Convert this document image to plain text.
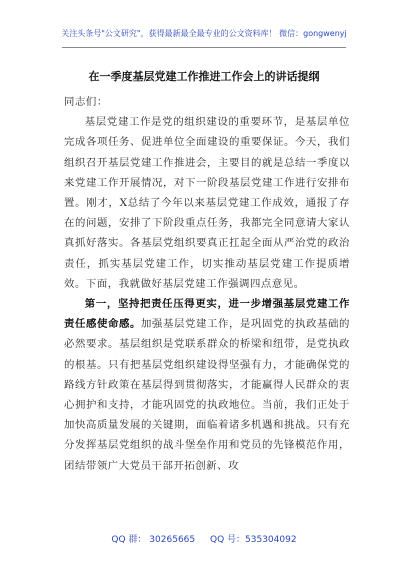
关注头条号"公文研究"，获得最新最全最专业的公文资料库！ 微信：gongwenyj
在一季度基层党建工作推进工作会上的讲话提纲

同志们：

基层党建工作是党的组织建设的重要环节，是基层单位完成各项任务、促进单位全面建设的重要保证。今天，我们组织召开基层党建工作推进会，主要目的就是总结一季度以来党建工作开展情况，对下一阶段基层党建工作进行安排布置。刚才，X总结了今年以来基层党建工作成效，通报了存在的问题，安排了下阶段重点任务，我都完全同意请大家认真抓好落实。各基层党组织要真正扛起全面从严治党的政治责任，抓实基层党建工作，切实推动基层党建工作提质增效。下面，我就做好基层党建工作强调四点意见。

第一，坚持把责任压得更实，进一步增强基层党建工作责任感使命感。加强基层党建工作，是巩固党的执政基础的必然要求。基层组织是党联系群众的桥梁和纽带，是党执政的根基。只有把基层党组织建设得坚强有力，才能确保党的路线方针政策在基层得到贯彻落实，才能赢得人民群众的衷心拥护和支持，才能巩固党的执政地位。当前，我们正处于加快高质量发展的关键期，面临着诸多机遇和挑战。只有充分发挥基层党组织的战斗堡垒作用和党员的先锋模范作用，团结带领广大党员干部开拓创新、攻

QQ 群： 30265665 QQ 号：535304092
